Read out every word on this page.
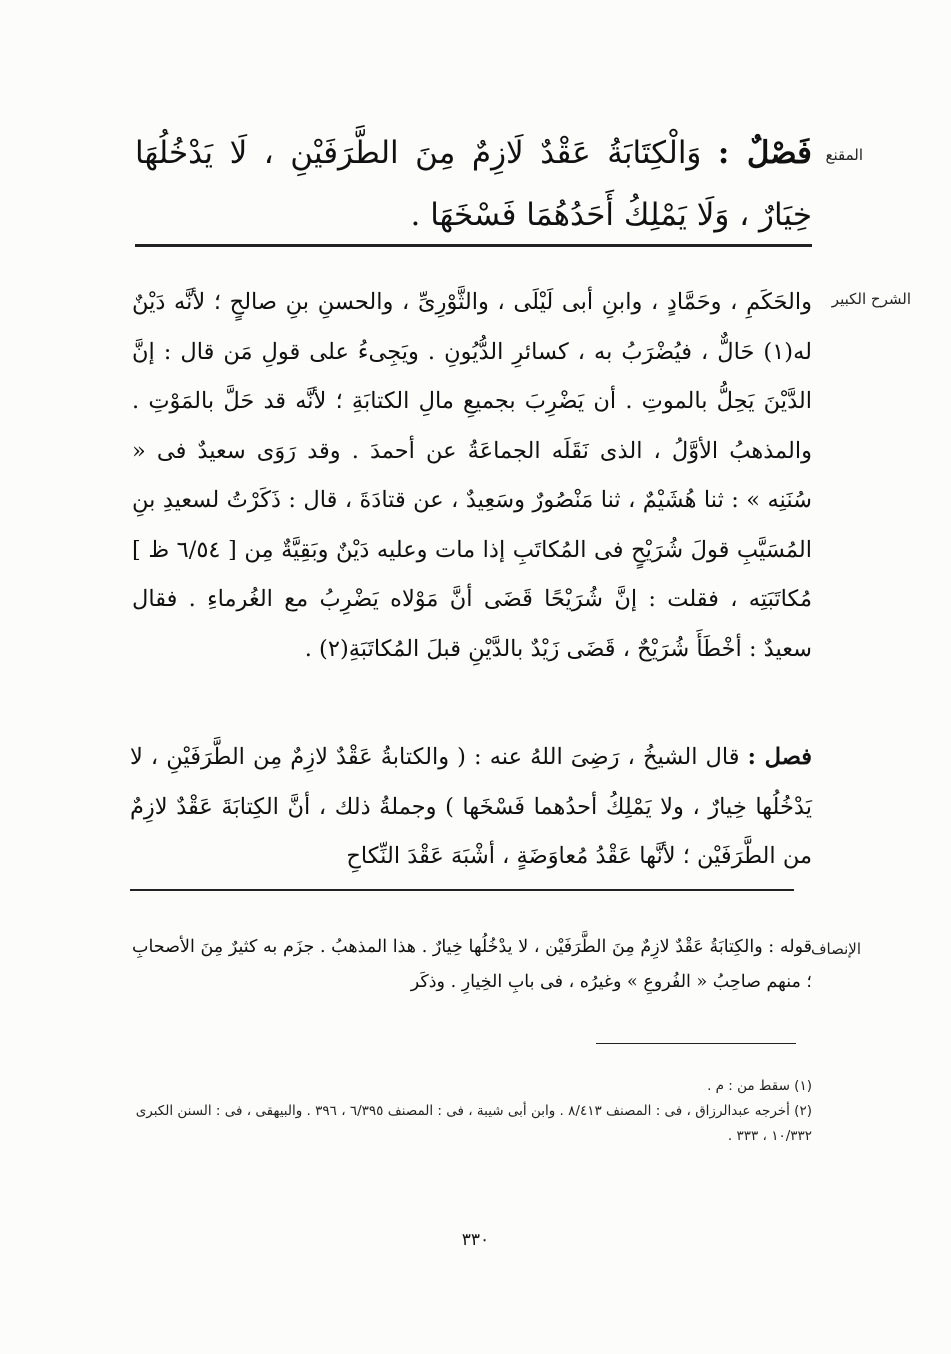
المقنع

فَصْلٌ : وَالْكِتَابَةُ عَقْدٌ لَازِمٌ مِنَ الطَّرَفَيْنِ ، لَا يَدْخُلُهَا خِيَارٌ ، وَلَا يَمْلِكُ أَحَدُهُمَا فَسْخَهَا .

الشرح الكبير

والحَكَمِ ، وحَمَّادٍ ، وابنِ أبى لَيْلَى ، والثَّوْرِىِّ ، والحسنِ بنِ صالحٍ ؛ لأنَّه دَيْنٌ له(١) حَالٌّ ، فيُضْرَبُ به ، كسائرِ الدُّيُونِ . ويَجِىءُ على قولِ مَن قال : إنَّ الدَّيْنَ يَحِلُّ بالموتِ . أن يَضْرِبَ بجميعِ مالِ الكتابَةِ ؛ لأنَّه قد حَلَّ بالمَوْتِ . والمذهبُ الأوَّلُ ، الذى نَقَلَه الجماعَةُ عن أحمدَ . وقد رَوَى سعيدٌ فى « سُنَنِه » : ثنا هُشَيْمٌ ، ثنا مَنْصُورٌ وسَعِيدٌ ، عن قتادَةَ ، قال : ذَكَرْتُ لسعيدِ بنِ المُسَيَّبِ قولَ شُرَيْحٍ فى المُكاتَبِ إذا مات وعليه دَيْنٌ وبَقِيَّةٌ مِن [ ٦/٥٤ ظ ] مُكاتَبَتِه ، فقلت : إنَّ شُرَيْحًا قَضَى أنَّ مَوْلاه يَضْرِبُ مع الغُرماءِ . فقال سعيدٌ : أخْطَأَ شُرَيْحٌ ، قَضَى زَيْدٌ بالدَّيْنِ قبلَ المُكاتَبَةِ(٢) .

فصل : قال الشيخُ ، رَضِىَ اللهُ عنه : ( والكتابةُ عَقْدٌ لازِمٌ مِن الطَّرَفَيْنِ ، لا يَدْخُلُها خِيارٌ ، ولا يَمْلِكُ أحدُهما فَسْخَها ) وجملةُ ذلك ، أنَّ الكِتابَةَ عَقْدٌ لازِمٌ من الطَّرَفَيْن ؛ لأنَّها عَقْدُ مُعاوَضَةٍ ، أشْبَهَ عَقْدَ النِّكاحِ

الإنصاف

قوله : والكِتابَةُ عَقْدٌ لازِمٌ مِنَ الطَّرَفَيْن ، لا يدْخُلُها خِيارٌ . هذا المذهبُ . جزَم به كثيرٌ مِنَ الأصحابِ ؛ منهم صاحِبُ « الفُروعِ » وغيرُه ، فى بابِ الخِيارِ . وذكَر

(١) سقط من : م .

(٢) أخرجه عبدالرزاق ، فى : المصنف ٨/٤١٣ . وابن أبى شيبة ، فى : المصنف ٦/٣٩٥ ، ٣٩٦ . والبيهقى ، فى : السنن الكبرى ١٠/٣٣٢ ، ٣٣٣ .

٣٣٠
